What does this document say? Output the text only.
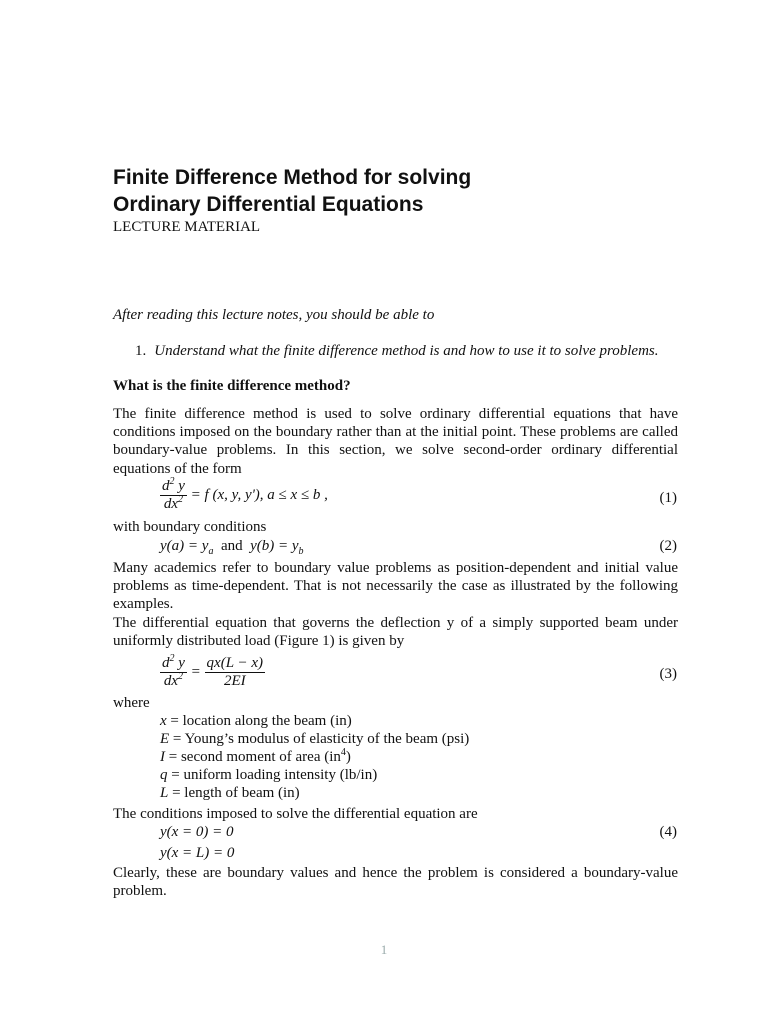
Finite Difference Method for solving
Ordinary Differential Equations
LECTURE MATERIAL
After reading this lecture notes, you should be able to
1. Understand what the finite difference method is and how to use it to solve problems.
What is the finite difference method?
The finite difference method is used to solve ordinary differential equations that have conditions imposed on the boundary rather than at the initial point. These problems are called boundary-value problems. In this section, we solve second-order ordinary differential equations of the form
$\frac{d^2 y}{dx^2} = f$ (x, y, y'), a ≤ x ≤ b ,	(1)
with boundary conditions
$y(a) = y_a$ and $y(b) = y_b$	(2)
Many academics refer to boundary value problems as position-dependent and initial value problems as time-dependent. That is not necessarily the case as illustrated by the following examples.
The differential equation that governs the deflection y of a simply supported beam under uniformly distributed load (Figure 1) is given by
$\frac{d^2 y}{dx^2} = \frac{qx(L - x)}{2EI}$	(3)
where
x = location along the beam (in)
E = Young’s modulus of elasticity of the beam (psi)
I = second moment of area $(in^4)$
q = uniform loading intensity (lb/in)
L = length of beam (in)
The conditions imposed to solve the differential equation are
y(x = 0) = 0	(4)
y(x = L) = 0
Clearly, these are boundary values and hence the problem is considered a boundary-value problem.
1
